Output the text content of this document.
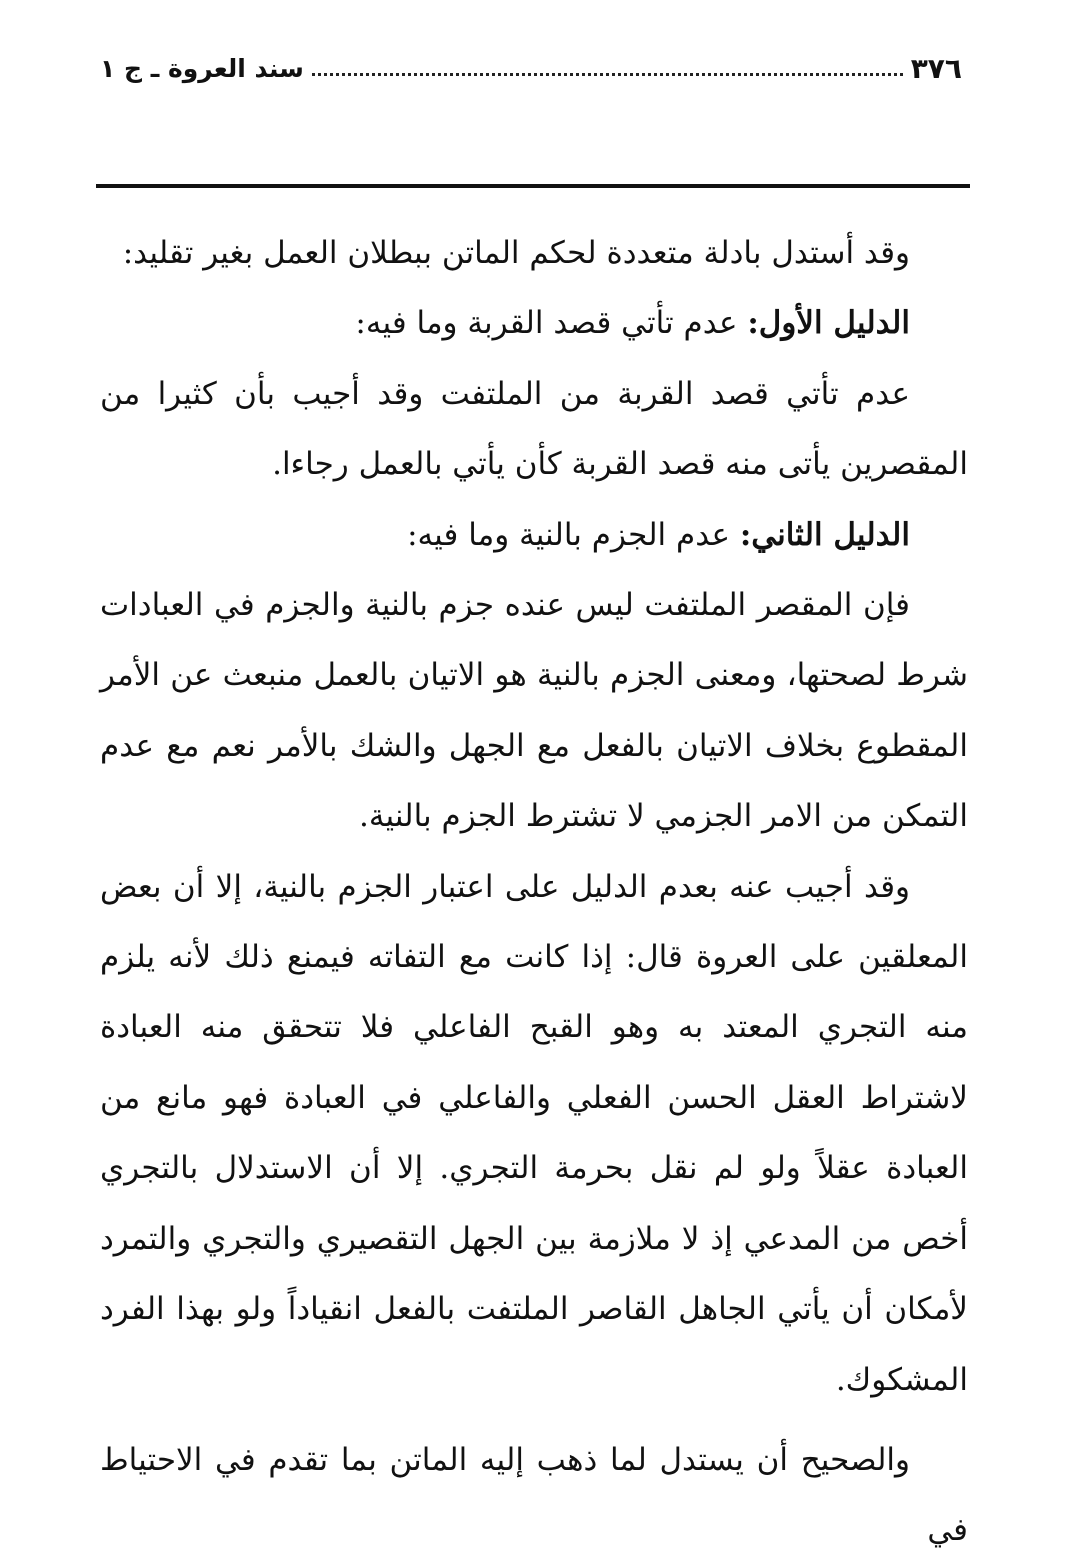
٣٧٦
سند العروة ـ ج ١

وقد أستدل بادلة متعددة لحكم الماتن ببطلان العمل بغير تقليد:

الدليل الأول: عدم تأتي قصد القربة وما فيه:

عدم تأتي قصد القربة من الملتفت وقد أجيب بأن كثيرا من المقصرين يأتى منه قصد القربة كأن يأتي بالعمل رجاءا.

الدليل الثاني: عدم الجزم بالنية وما فيه:

فإن المقصر الملتفت ليس عنده جزم بالنية والجزم في العبادات شرط لصحتها، ومعنى الجزم بالنية هو الاتيان بالعمل منبعث عن الأمر المقطوع بخلاف الاتيان بالفعل مع الجهل والشك بالأمر نعم مع عدم التمكن من الامر الجزمي لا تشترط الجزم بالنية.

وقد أجيب عنه بعدم الدليل على اعتبار الجزم بالنية، إلا أن بعض المعلقين على العروة قال: إذا كانت مع التفاته فيمنع ذلك لأنه يلزم منه التجري المعتد به وهو القبح الفاعلي فلا تتحقق منه العبادة لاشتراط العقل الحسن الفعلي والفاعلي في العبادة فهو مانع من العبادة عقلاً ولو لم نقل بحرمة التجري. إلا أن الاستدلال بالتجري أخص من المدعي إذ لا ملازمة بين الجهل التقصيري والتجري والتمرد لأمكان أن يأتي الجاهل القاصر الملتفت بالفعل انقياداً ولو بهذا الفرد المشكوك.

والصحيح أن يستدل لما ذهب إليه الماتن بما تقدم في الاحتياط في
